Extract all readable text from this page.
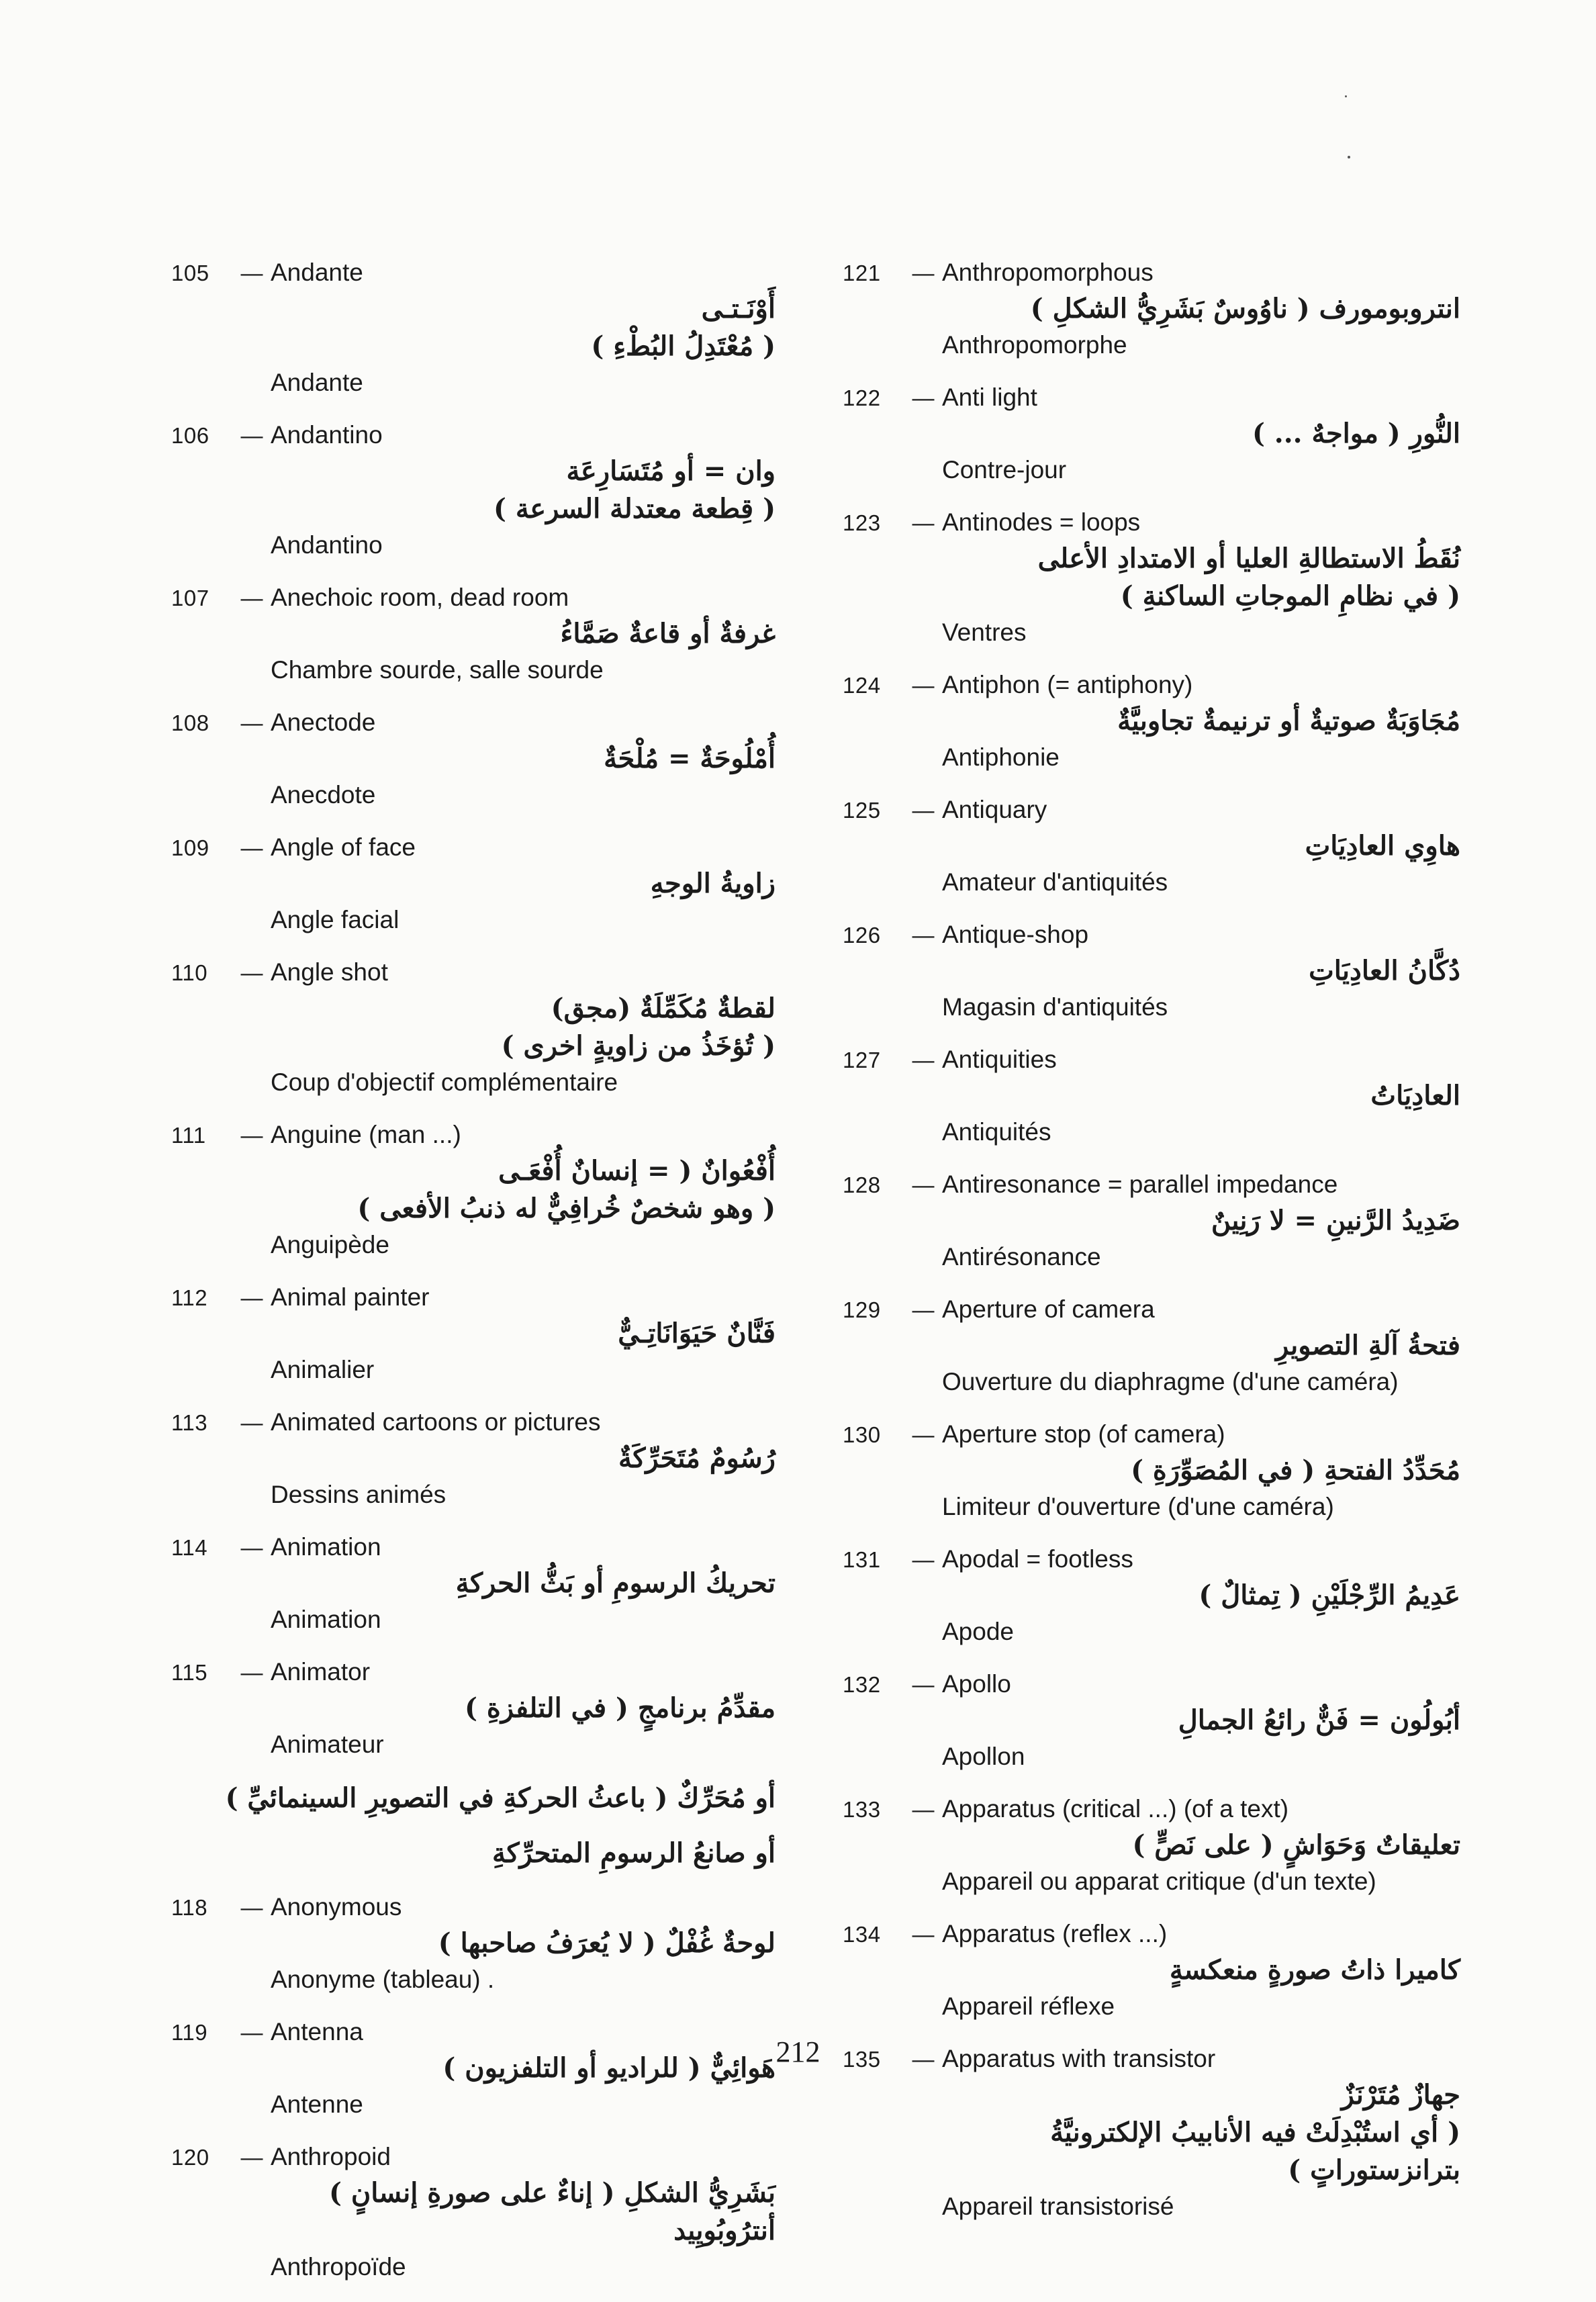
105	— Andante
أَوْنَـتـى
( مُعْتَدِلُ البُطْءِ )
Andante
106	— Andantino
وان = أو مُتَسَارِعَة
( قِطعة معتدلة السرعة )
Andantino
107	— Anechoic room, dead room
غرفةٌ أو قاعةٌ صَمَّاءُ
Chambre sourde, salle sourde
108	— Anectode
أُمْلُوحَةٌ = مُلْحَةٌ
Anecdote
109	— Angle of face
زاويةُ الوجهِ
Angle facial
110	— Angle shot
لقطةٌ مُكَمِّلَةٌ (مجق)
( تُؤخَذُ من زاويةٍ اخرى )
Coup d'objectif complémentaire
111	— Anguine (man ...)
أُفْعُوانٌ ( = إنسانٌ أُفْعَـى
( وهو شخصٌ خُرافِيٌّ له ذنبُ الأفعى )
Anguipède
112	— Animal painter
فَنَّانٌ حَيَوَانَاتِـيٌّ
Animalier
113	— Animated cartoons or pictures
رُسُومٌ مُتَحَرِّكَةٌ
Dessins animés
114	— Animation
تحريكُ الرسومِ أو بَثُّ الحركةِ
Animation
115	— Animator
مقدِّمُ برنامجٍ ( في التلفزةِ )
Animateur
أو مُحَرِّكٌ ( باعثُ الحركةِ في التصويرِ السينمائيِّ )
أو صانعُ الرسومِ المتحرِّكةِ
118	— Anonymous
لوحةٌ غُفْلٌ ( لا يُعرَفُ صاحبها )
Anonyme (tableau) .
119	— Antenna
هَوائِيٌّ ( للراديو أو التلفزيون )
Antenne
120	— Anthropoid
بَشَرِيُّ الشكلِ ( إناءٌ على صورةِ إنسانٍ )
أنترُوبُويِيد
Anthropoïde
121	— Anthropomorphous
انتروبومورف ( ناوُوسٌ بَشَرِيُّ الشكلِ )
Anthropomorphe
122	— Anti light
النُّورِ ( مواجهٌ ... )
Contre-jour
123	— Antinodes = loops
نُقَطُ الاستطالةِ العليا أو الامتدادِ الأعلى
( في نظامِ الموجاتِ الساكنةِ )
Ventres
124	— Antiphon (= antiphony)
مُجَاوَبَةٌ صوتيةٌ أو ترنيمةٌ تجاوبيَّةٌ
Antiphonie
125	— Antiquary
هاوِي العادِيَاتِ
Amateur d'antiquités
126	— Antique-shop
دُكَّانُ العادِيَاتِ
Magasin d'antiquités
127	— Antiquities
العادِيَاتُ
Antiquités
128	— Antiresonance = parallel impedance
ضَدِيدُ الرَّنينِ = لا رَنِينٌ
Antirésonance
129	— Aperture of camera
فتحةُ آلةِ التصويرِ
Ouverture du diaphragme (d'une caméra)
130	— Aperture stop (of camera)
مُحَدِّدُ الفتحةِ ( في المُصَوِّرَةِ )
Limiteur d'ouverture (d'une caméra)
131	— Apodal = footless
عَدِيمُ الرِّجْلَيْنِ ( تِمثالٌ )
Apode
132	— Apollo
أبُولُون = فَنٌّ رائعُ الجمالِ
Apollon
133	— Apparatus (critical ...) (of a text)
تعليقاتٌ وَحَوَاشٍ ( على نَصٍّ )
Appareil ou apparat critique (d'un texte)
134	— Apparatus (reflex ...)
كاميرا ذاتُ صورةٍ منعكسةٍ
Appareil réflexe
135	— Apparatus with transistor
جهازٌ مُتَرْنَزٌ
( أي استُبْدِلَتْ فيه الأنابيبُ الإلكترونيَّةُ
بترانزستوراتٍ )
Appareil transistorisé
212
